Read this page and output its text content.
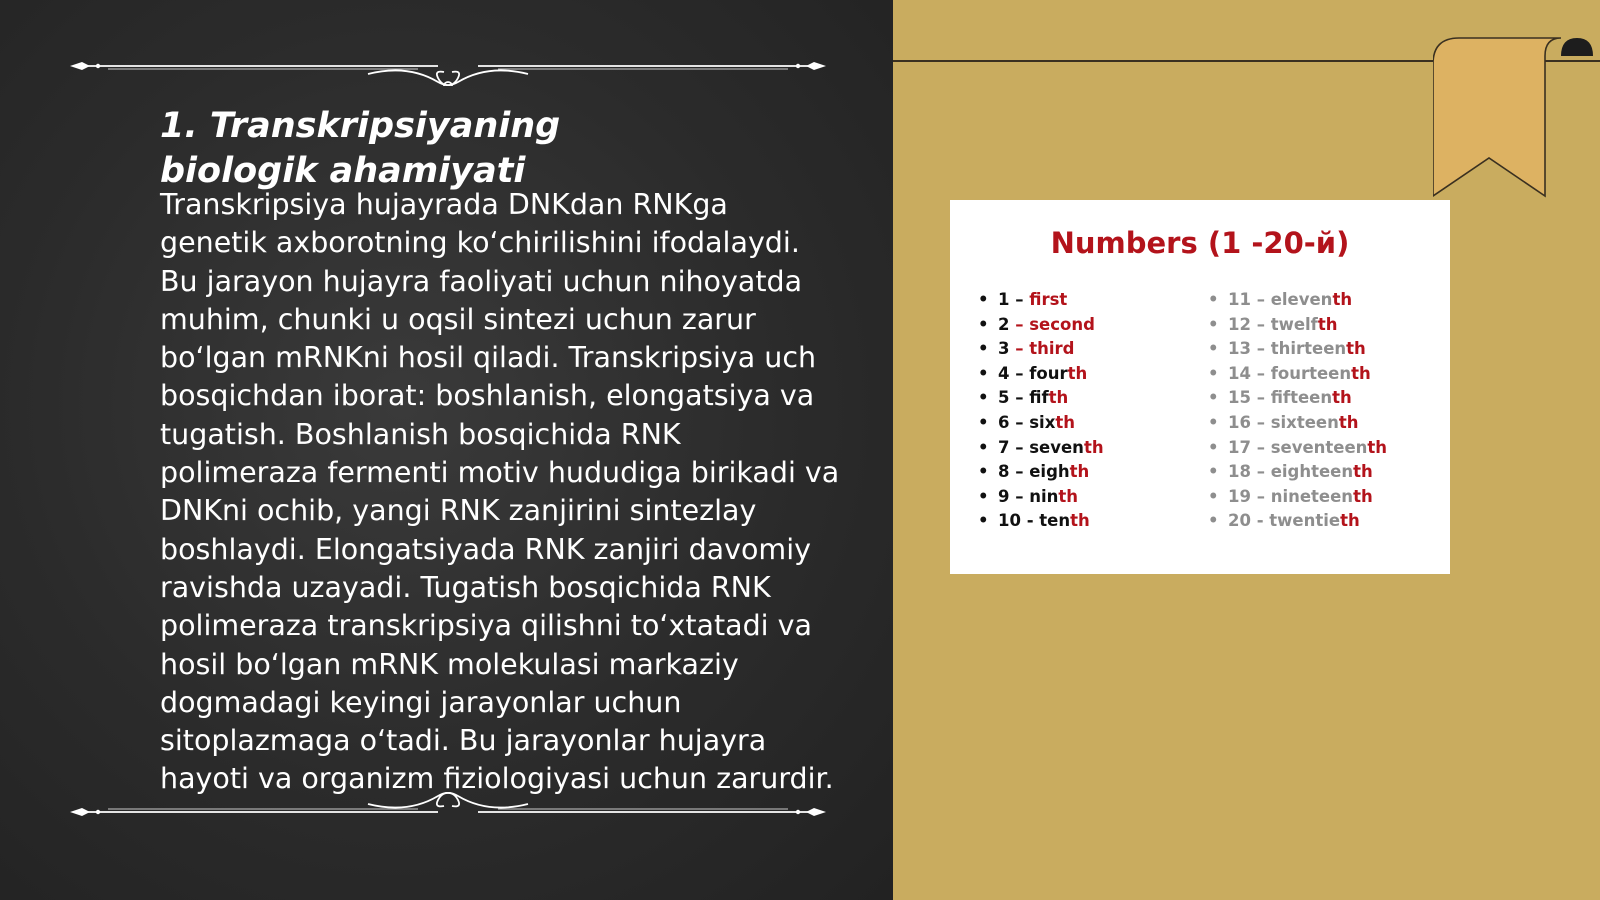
1. Transkripsiyaning biologik ahamiyati

Transkripsiya hujayrada DNKdan RNKga genetik axborotning koʻchirilishini ifodalaydi. Bu jarayon hujayra faoliyati uchun nihoyatda muhim, chunki u oqsil sintezi uchun zarur boʻlgan mRNKni hosil qiladi. Transkripsiya uch bosqichdan iborat: boshlanish, elongatsiya va tugatish. Boshlanish bosqichida RNK polimeraza fermenti motiv hududiga birikadi va DNKni ochib, yangi RNK zanjirini sintezlay boshlaydi. Elongatsiyada RNK zanjiri davomiy ravishda uzayadi. Tugatish bosqichida RNK polimeraza transkripsiya qilishni toʻxtatadi va hosil boʻlgan mRNK molekulasi markaziy dogmadagi keyingi jarayonlar uchun sitoplazmaga oʻtadi. Bu jarayonlar hujayra hayoti va organizm fiziologiyasi uchun zarurdir.

Numbers (1 -20-й)
• 1 – first
• 2 – second
• 3 – third
• 4 – fourth
• 5 – fifth
• 6 – sixth
• 7 – seventh
• 8 – eighth
• 9 – ninth
• 10 - tenth
• 11 – eleventh
• 12 – twelfth
• 13 – thirteenth
• 14 – fourteenth
• 15 – fifteenth
• 16 – sixteenth
• 17 – seventeenth
• 18 – eighteenth
• 19 – nineteenth
• 20 - twentieth
